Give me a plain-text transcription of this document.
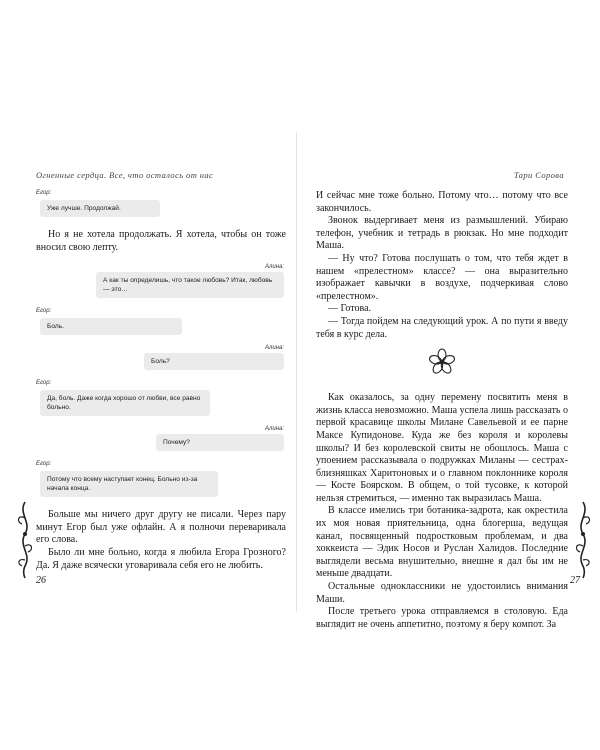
Огненные сердца. Все, что осталось от нас
Егор:
Уже лучше. Продолжай.

Но я не хотела продолжать. Я хотела, чтобы он тоже вносил свою лепту.

Алина:
А как ты определишь, что такое любовь? Итак, любовь — это…
Егор:
Боль.
Алина:
Боль?
Егор:
Да, боль. Даже когда хорошо от любви, все равно больно.
Алина:
Почему?
Егор:
Потому что всему наступает конец. Больно из-за начала конца.

Больше мы ничего друг другу не писали. Через пару минут Егор был уже офлайн. А я полночи переваривала его слова.

Было ли мне больно, когда я любила Егора Грозного? Да. Я даже всячески уговаривала себя его не любить.

26
Тари Сорова

И сейчас мне тоже больно. Потому что… потому что все закончилось.

Звонок выдергивает меня из размышлений. Убираю телефон, учебник и тетрадь в рюкзак. Но мне подходит Маша.

— Ну что? Готова послушать о том, что тебя ждет в нашем «прелестном» классе? — она выразительно изображает кавычки в воздухе, подчеркивая слово «прелестном».

— Готова.

— Тогда пойдем на следующий урок. А по пути я введу тебя в курс дела.

Как оказалось, за одну перемену посвятить меня в жизнь класса невозможно. Маша успела лишь рассказать о первой красавице школы Милане Савельевой и ее парне Максе Купидонове. Куда же без короля и королевы школы? И без королевской свиты не обошлось. Маша с упоением рассказывала о подружках Миланы — сестрах-близняшках Харитоновых и о главном поклоннике короля — Косте Боярском. В общем, о той тусовке, к которой нельзя стремиться, — именно так выразилась Маша.

В классе имелись три ботаника-задрота, как окрестила их моя новая приятельница, одна блогерша, ведущая канал, посвященный подростковым проблемам, и два хоккеиста — Эдик Носов и Руслан Халидов. Последние выглядели весьма внушительно, внешне я дал бы им не меньше двадцати.

Остальные одноклассники не удостоились внимания Маши.

После третьего урока отправляемся в столовую. Еда выглядит не очень аппетитно, поэтому я беру компот. За

27
